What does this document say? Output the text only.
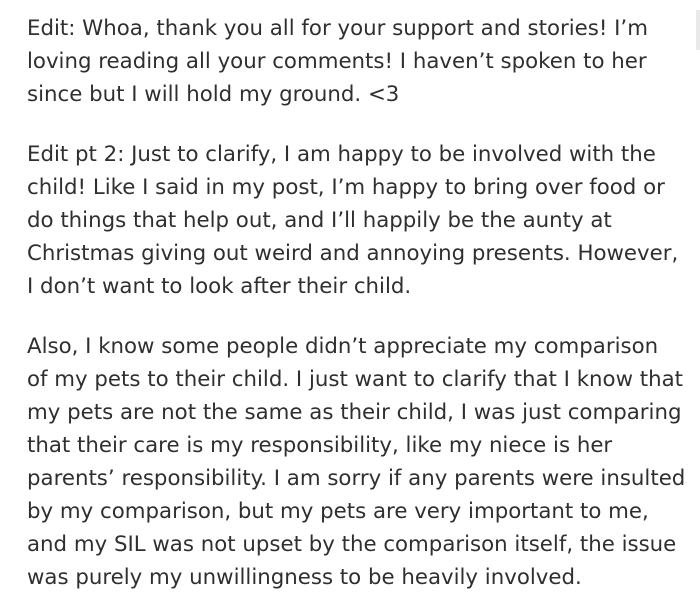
Edit: Whoa, thank you all for your support and stories! I’m
loving reading all your comments! I haven’t spoken to her
since but I will hold my ground. <3

Edit pt 2: Just to clarify, I am happy to be involved with the
child! Like I said in my post, I’m happy to bring over food or
do things that help out, and I’ll happily be the aunty at
Christmas giving out weird and annoying presents. However,
I don’t want to look after their child.

Also, I know some people didn’t appreciate my comparison
of my pets to their child. I just want to clarify that I know that
my pets are not the same as their child, I was just comparing
that their care is my responsibility, like my niece is her
parents’ responsibility. I am sorry if any parents were insulted
by my comparison, but my pets are very important to me,
and my SIL was not upset by the comparison itself, the issue
was purely my unwillingness to be heavily involved.
